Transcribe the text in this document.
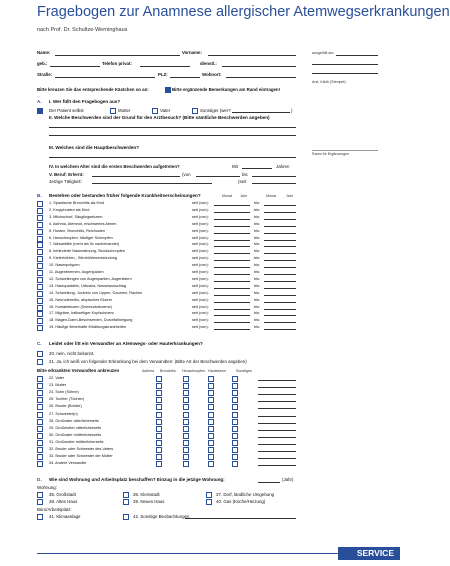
Fragebogen zur Anamnese allergischer Atemwegserkrankungen
nach Prof. Dr. Schultze-Werninghaus
Name:	Vorname:
geb.:	Telefon privat:	dienstl.:
Straße:	PLZ:	Wohnort:
ausgefüllt am:
Arzt, Klinik (Stempel):
Raum für Ergänzungen
Bitte kreuzen Sie das entsprechende Kästchen so an:	Bitte ergänzende Bemerkungen am Rand eintragen!
A. I. Wer füllt den Fragebogen aus?
Der Patient selbst	Mutter	Vater	Sonstiger (wer?	)
II. Welche Beschwerden sind der Grund für den Arztbesuch? (Bitte sämtliche Beschwerden angeben)
III. Welches sind die Hauptbeschwerden?
IV. In welchem Alter sind die ersten Beschwerden aufgetreten?	Mit	Jahren
V. Beruf: Erlernt:	(von	bis
Jetzige Tätigkeit:	(seit
B. Bestehen oder bestanden früher folgende Krankheitserscheinungen?	Monat Jahr	Monat	Jahr
1. Spastische Bronchitis als Kind	seit (von):	bis:
2. Krupphusten als Kind	seit (von):	bis:
3. Milchschorf, Säuglingsekzem	seit (von):	bis:
4. Asthma, Atemnot, erschwertes Atmen	seit (von):	bis:
5. Husten, Bronchitis, Reizhusten	seit (von):	bis:
6. Heuschnupfen, häufiger Schnupfen	seit (von):	bis:
7. Niesanfälle (mehr als 5x nacheinander)	seit (von):	bis:
8. behinderte Nasenatmung, Stockschnupfen	seit (von):	bis:
9. Kieferhöhlen-, Stirnhöhlenentzündung	seit (von):	bis:
10. Nasenpolypen	seit (von):	bis:
11. Augenbrennen, Augenjucken	seit (von):	bis:
12. Schwellungen von Augenpartien, Augenlidern	seit (von):	bis:
13. Hautquaddeln, Urticaria, Nesselausschlag	seit (von):	bis:
14. Schwellung, Juckreiz von Lippen, Gaumen, Rachen	seit (von):	bis:
15. Neurodermitis, atopisches Ekzem	seit (von):	bis:
16. Kontaktekzem (Schmuckekzeme)	seit (von):	bis:
17. Migräne, halbseitiger Kopfschmerz	seit (von):	bis:
18. Magen-Darm-Beschwerden, Durchfallneigung	seit (von):	bis:
19. Häufige fieberhafte Erkältungskrankheiten	seit (von):	bis:
C. Leidet oder litt ein Verwandter an Atemwegs- oder Hauterkrankungen?
20. nein, nicht bekannt.
21. Ja, ich weiß von folgender Erkrankung bei dem Verwandten: (Bitte Art der Beschwerden angeben)
Bitte erkrankten Verwandten ankreuzen	Asthma Bronchitis Heuschnupfen Hautekzem	Sonstiges
22. Vater
23. Mutter
24. Sohn (Söhne)
25. Tochter (Töchter)
26. Bruder (Brüder)
27. Schwester(n)
28. Großvater väterlicherseits
29. Großmutter väterlicherseits
30. Großvater mütterlicherseits
31. Großmutter mütterlicherseits
32. Bruder oder Schwester des Vaters
33. Bruder oder Schwester der Mutter
34. Andere Verwandte
D. Wie sind Wohnung und Arbeitsplatz beschaffen? Einzug in die jetzige Wohnung:	(Jahr)
Wohnung:
35. Großstadt	36. Kleinstadt	37. Dorf, ländliche Umgebung
38. Altes Haus	39. Neues Haus	40. Gas (Küche/Heizung)
Büro/Arbeitsplatz:
41. Klimaanlage	42. Sonstige Beobachtungen
SERVICE
